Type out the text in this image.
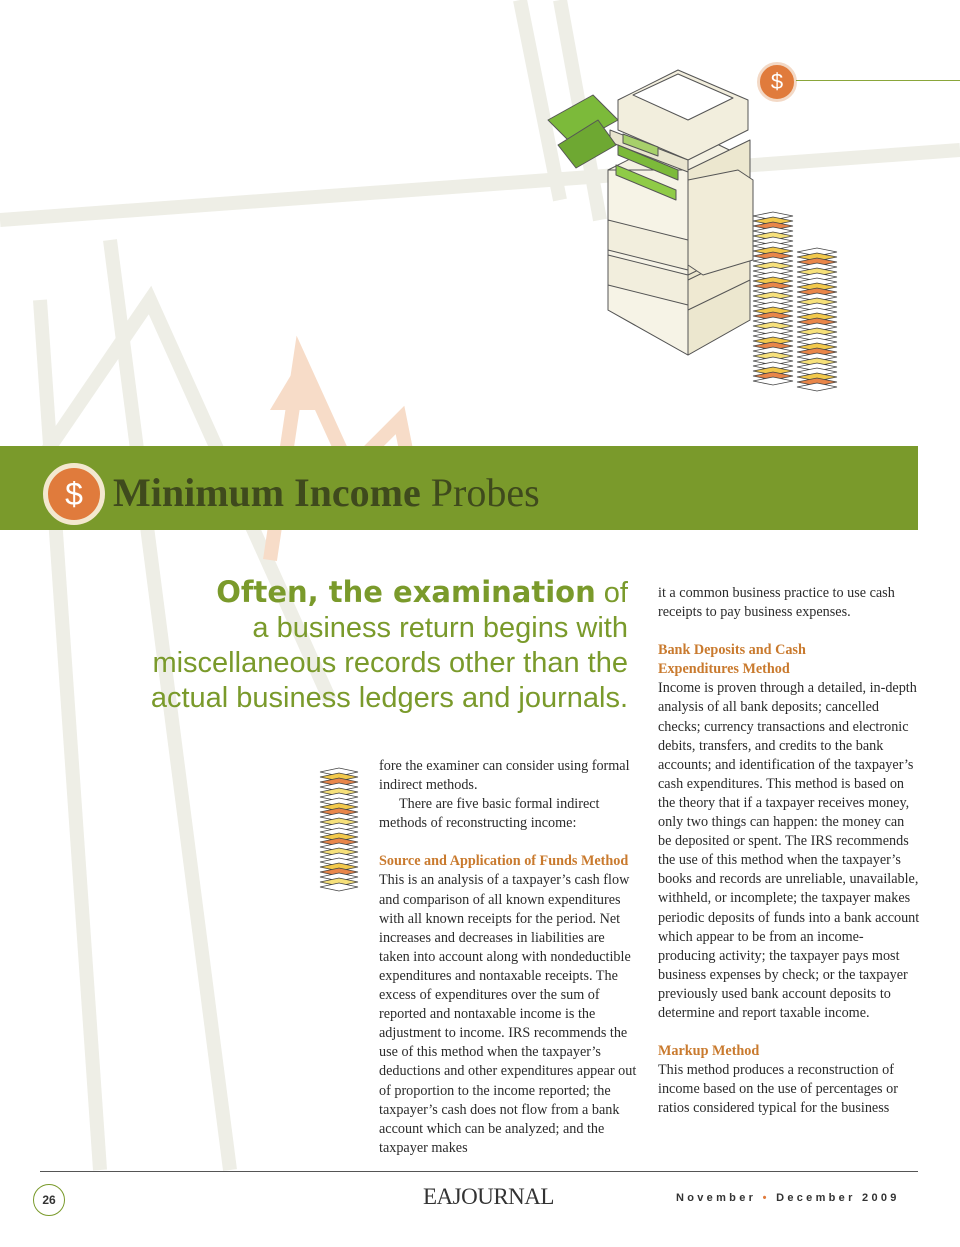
$
$ Minimum Income Probes
Often, the examination of
a business return begins with
miscellaneous records other than the
actual business ledgers and journals.

fore the examiner can consider using formal indirect methods.

There are five basic formal indirect methods of reconstructing income:

Source and Application of Funds Method

This is an analysis of a taxpayer’s cash flow and comparison of all known expenditures with all known receipts for the period. Net increases and decreases in liabilities are taken into account along with nondeductible expenditures and nontaxable receipts. The excess of expenditures over the sum of reported and nontaxable income is the adjustment to income. IRS recommends the use of this method when the taxpayer’s deductions and other expenditures appear out of proportion to the income reported; the taxpayer’s cash does not flow from a bank account which can be analyzed; and the taxpayer makes

it a common business practice to use cash receipts to pay business expenses.

Bank Deposits and Cash
Expenditures Method

Income is proven through a detailed, in-depth analysis of all bank deposits; cancelled checks; currency transactions and electronic debits, transfers, and credits to the bank accounts; and identification of the taxpayer’s cash expenditures. This method is based on the theory that if a taxpayer receives money, only two things can happen: the money can be deposited or spent. The IRS recommends the use of this method when the taxpayer’s books and records are unreliable, unavailable, withheld, or incomplete; the taxpayer makes periodic deposits of funds into a bank account which appear to be from an income-producing activity; the taxpayer pays most business expenses by check; or the taxpayer previously used bank account deposits to determine and report taxable income.

Markup Method

This method produces a reconstruction of income based on the use of percentages or ratios considered typical for the business

26	EAJOURNAL	November • December 2009
